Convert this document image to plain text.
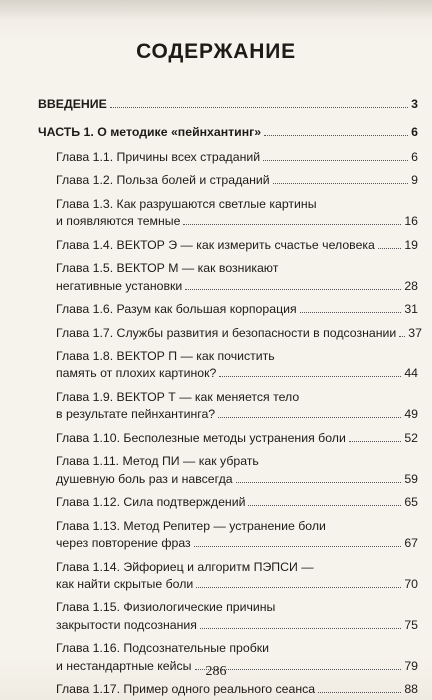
СОДЕРЖАНИЕ
ВВЕДЕНИЕ	3
ЧАСТЬ 1. О методике «пейнхантинг»	6
Глава 1.1. Причины всех страданий	6
Глава 1.2. Польза болей и страданий	9
Глава 1.3. Как разрушаются светлые картины
и появляются темные	16
Глава 1.4. ВЕКТОР Э — как измерить счастье человека 19
Глава 1.5. ВЕКТОР М — как возникают
негативные установки	28
Глава 1.6. Разум как большая корпорация	31
Глава 1.7. Службы развития и безопасности в подсознании 37
Глава 1.8. ВЕКТОР П — как почистить
память от плохих картинок?	44
Глава 1.9. ВЕКТОР Т — как меняется тело
в результате пейнхантинга?	49
Глава 1.10. Бесполезные методы устранения боли	52
Глава 1.11. Метод ПИ — как убрать
душевную боль раз и навсегда	59
Глава 1.12. Сила подтверждений	65
Глава 1.13. Метод Репитер — устранение боли
через повторение фраз	67
Глава 1.14. Эйфориец и алгоритм ПЭПСИ —
как найти скрытые боли	70
Глава 1.15. Физиологические причины
закрытости подсознания	75
Глава 1.16. Подсознательные пробки
и нестандартные кейсы	79
Глава 1.17. Пример одного реального сеанса	88
286
